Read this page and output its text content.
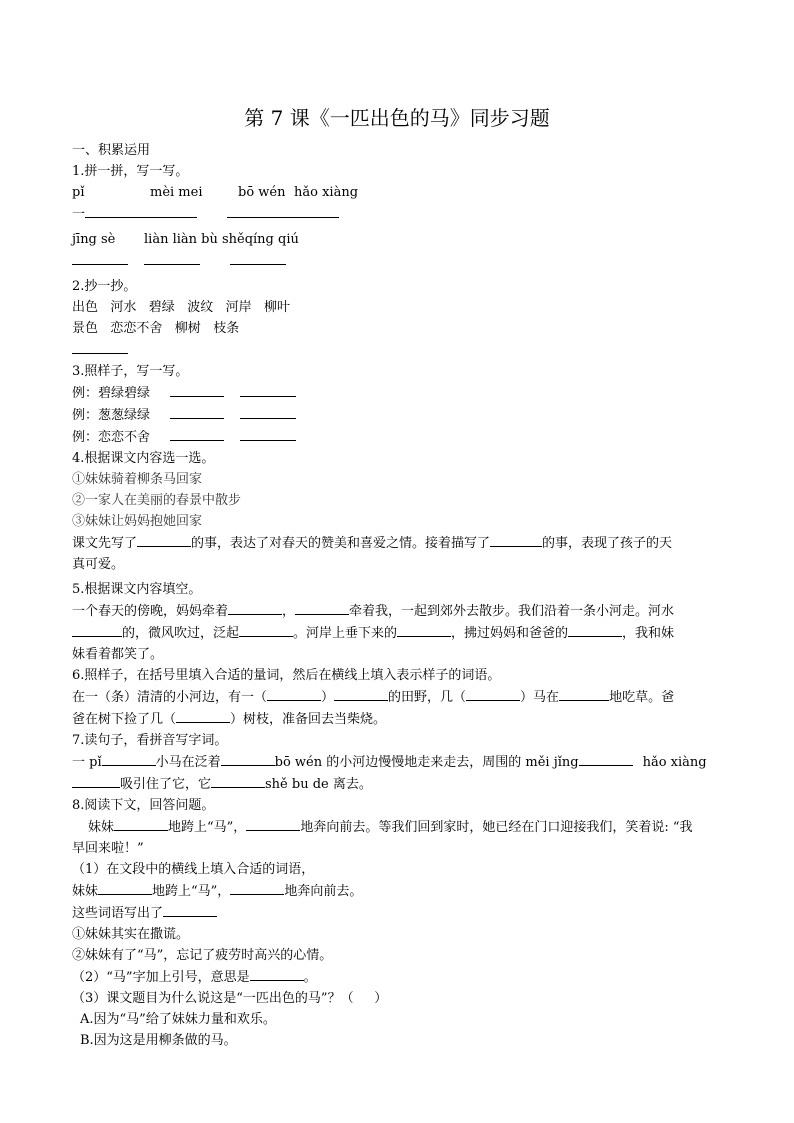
第 7 课《一匹出色的马》同步习题
一、积累运用
1.拼一拼，写一写。
pǐ	mèi mei	bō wén hǎo xiàng
一
jīng sè liàn liàn bù shěqíng qiú
2.抄一抄。
出色   河水   碧绿   波纹   河岸   柳叶
景色   恋恋不舍   柳树   枝条
3.照样子，写一写。
例：碧绿碧绿
例：葱葱绿绿
例：恋恋不舍
4.根据课文内容选一选。
①妹妹骑着柳条马回家
②一家人在美丽的春景中散步
③妹妹让妈妈抱她回家
课文先写了	的事，表达了对春天的赞美和喜爱之情。接着描写了	的事，表现了孩子的天
真可爱。
5.根据课文内容填空。
一个春天的傍晚，妈妈牵着	，	牵着我，一起到郊外去散步。我们沿着一条小河走。河水
的，微风吹过，泛起	。河岸上垂下来的	，拂过妈妈和爸爸的	，我和妹
妹看着都笑了。
6.照样子，在括号里填入合适的量词，然后在横线上填入表示样子的词语。
在一（条）清清的小河边，有一（	）	的田野，几（	）马在	地吃草。爸
爸在树下捡了几（	）树枝，准备回去当柴烧。
7.读句子，看拼音写字词。
一 pǐ	小马在泛着	bō wén 的小河边慢慢地走来走去，周围的 měi jǐng	hǎo xiàng
吸引住了它，它	shě bu de 离去。
8.阅读下文，回答问题。
妹妹	地跨上“马”，	地奔向前去。等我们回到家时，她已经在门口迎接我们，笑着说: “我
早回来啦！”
（1）在文段中的横线上填入合适的词语，
妹妹	地跨上“马”，	地奔向前去。
这些词语写出了
①妹妹其实在撒谎。
②妹妹有了“马”，忘记了疲劳时高兴的心情。
（2）“马”字加上引号，意思是	。
（3）课文题目为什么说这是“一匹出色的马”？（     ）
A.因为“马”给了妹妹力量和欢乐。
B.因为这是用柳条做的马。
